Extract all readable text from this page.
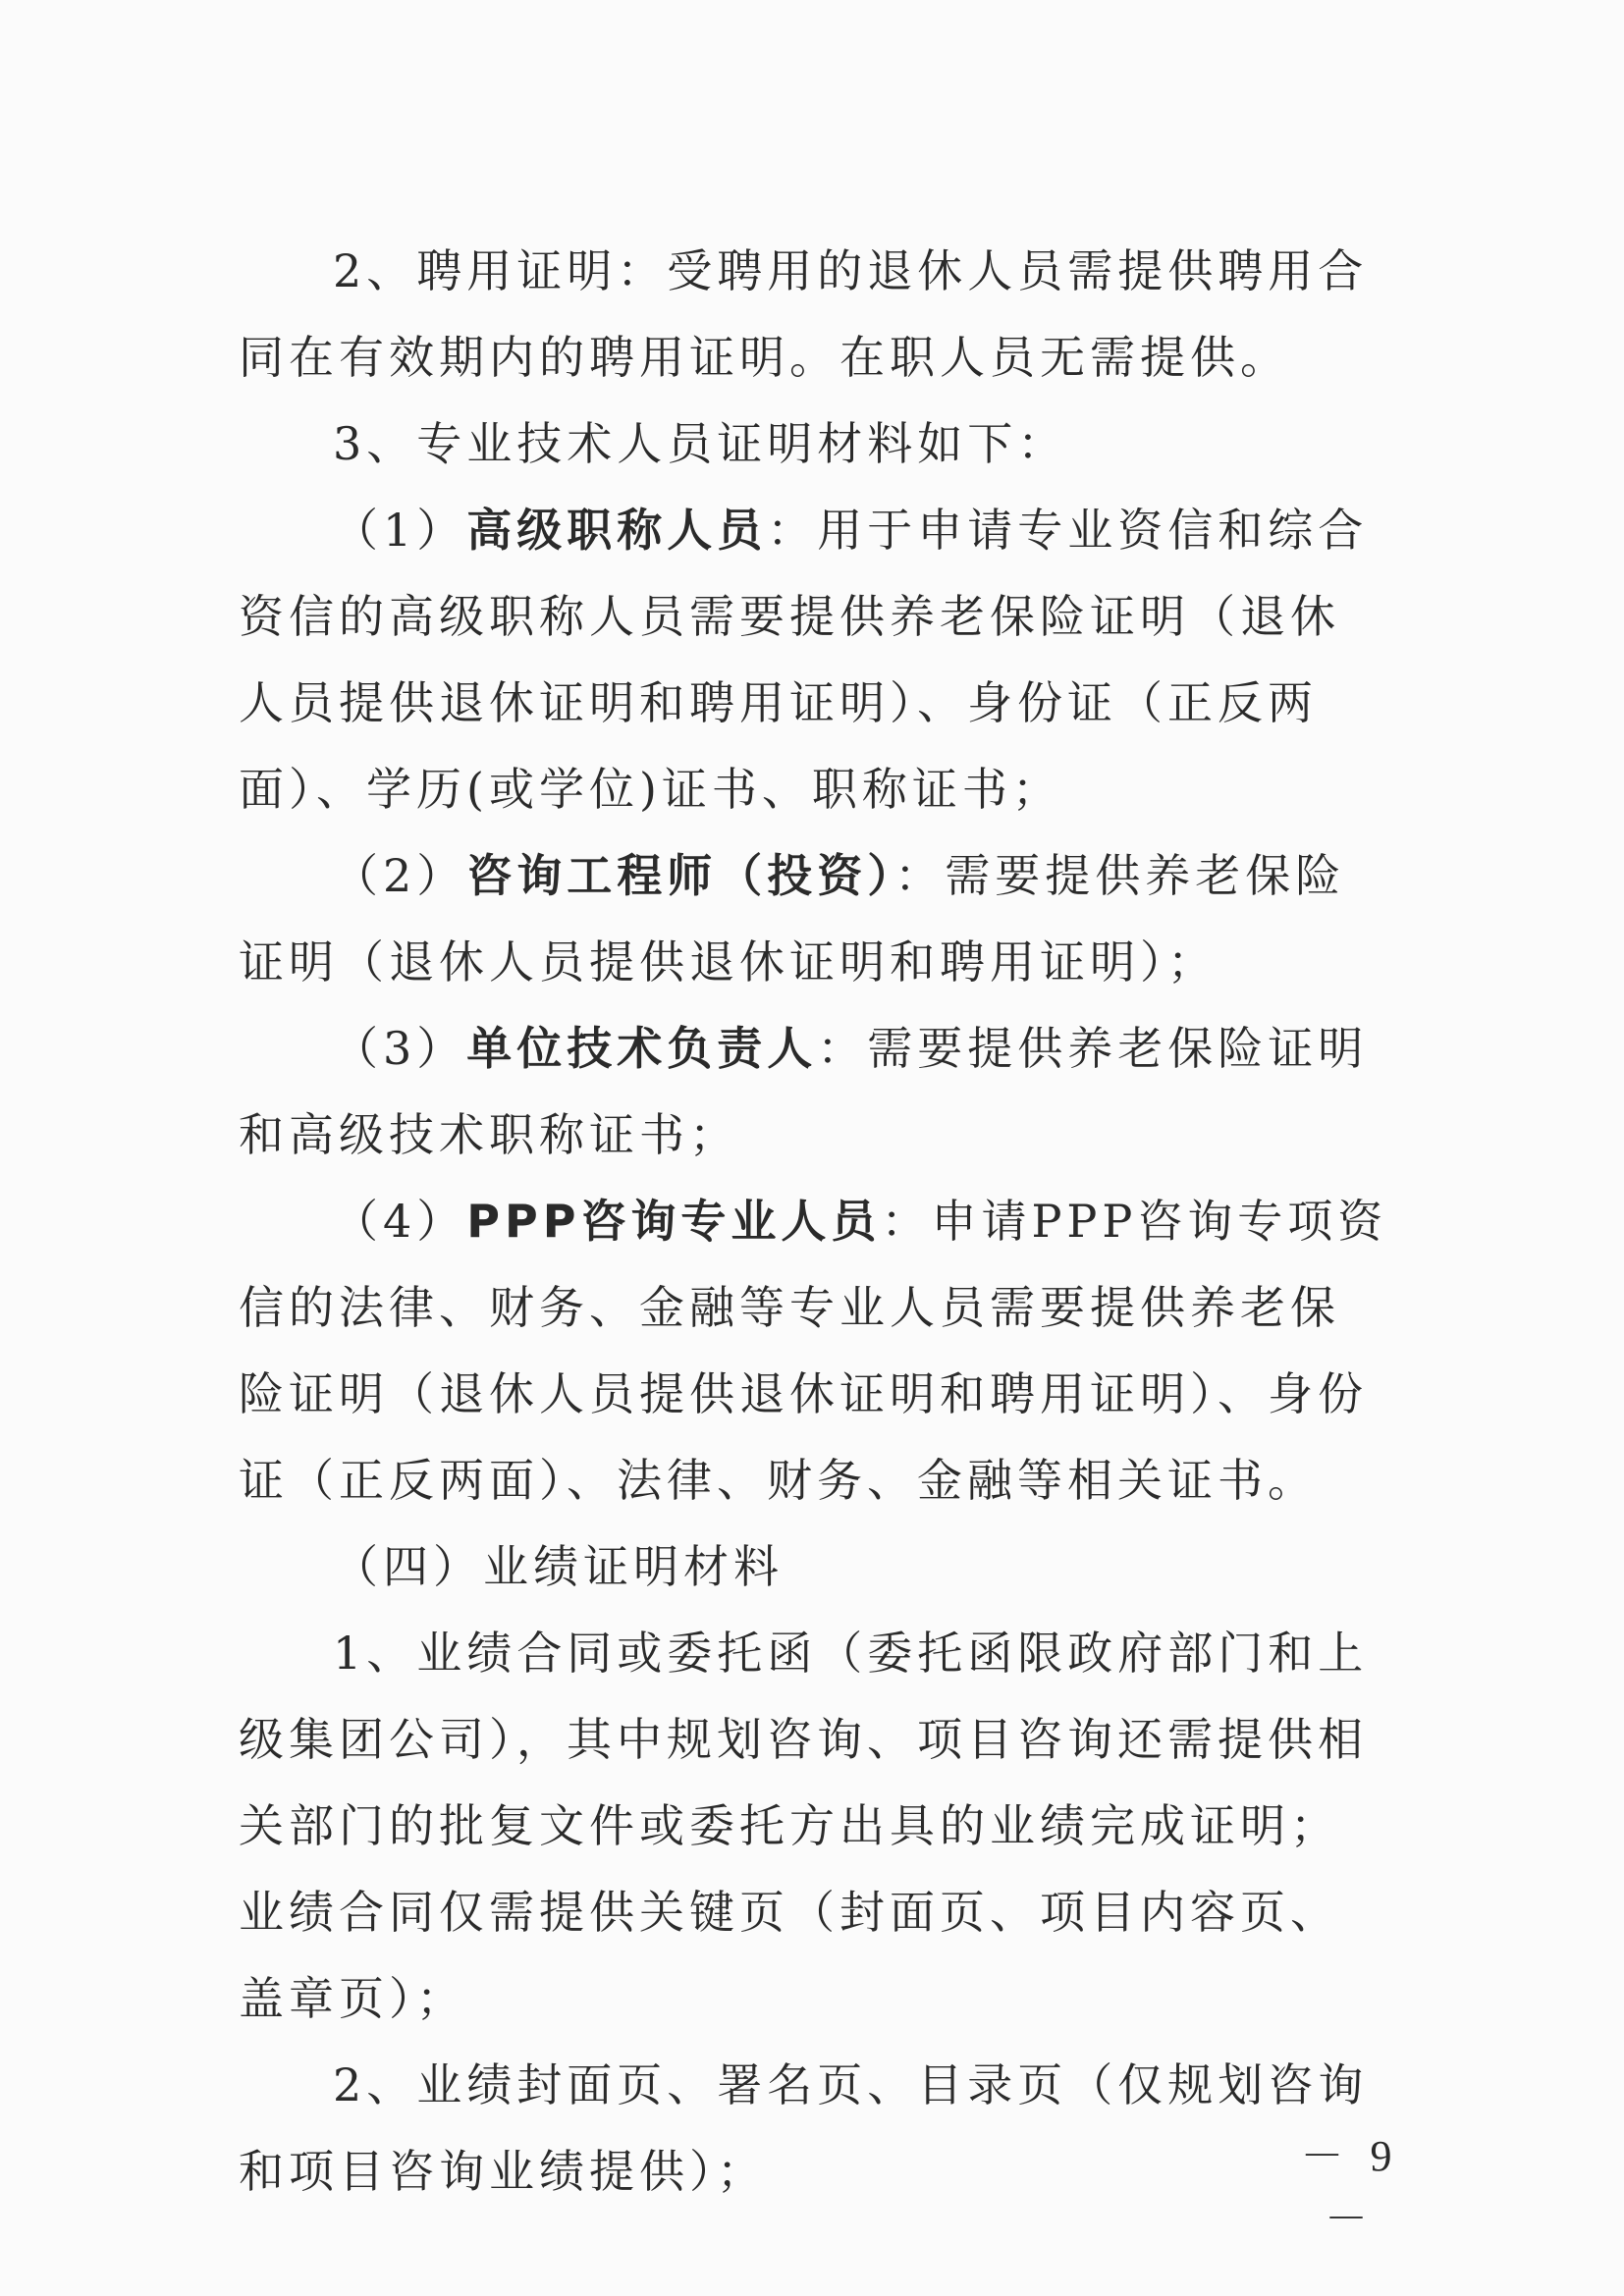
2、聘用证明：受聘用的退休人员需提供聘用合同在有效期内的聘用证明。在职人员无需提供。

3、专业技术人员证明材料如下：

（1）高级职称人员：用于申请专业资信和综合资信的高级职称人员需要提供养老保险证明（退休人员提供退休证明和聘用证明）、身份证（正反两面）、学历(或学位)证书、职称证书；

（2）咨询工程师（投资）：需要提供养老保险证明（退休人员提供退休证明和聘用证明）；

（3）单位技术负责人：需要提供养老保险证明和高级技术职称证书；

（4）PPP咨询专业人员：申请PPP咨询专项资信的法律、财务、金融等专业人员需要提供养老保险证明（退休人员提供退休证明和聘用证明）、身份证（正反两面）、法律、财务、金融等相关证书。

（四）业绩证明材料

1、业绩合同或委托函（委托函限政府部门和上级集团公司），其中规划咨询、项目咨询还需提供相关部门的批复文件或委托方出具的业绩完成证明；业绩合同仅需提供关键页（封面页、项目内容页、盖章页）；

2、业绩封面页、署名页、目录页（仅规划咨询和项目咨询业绩提供）；	－ 9 －
